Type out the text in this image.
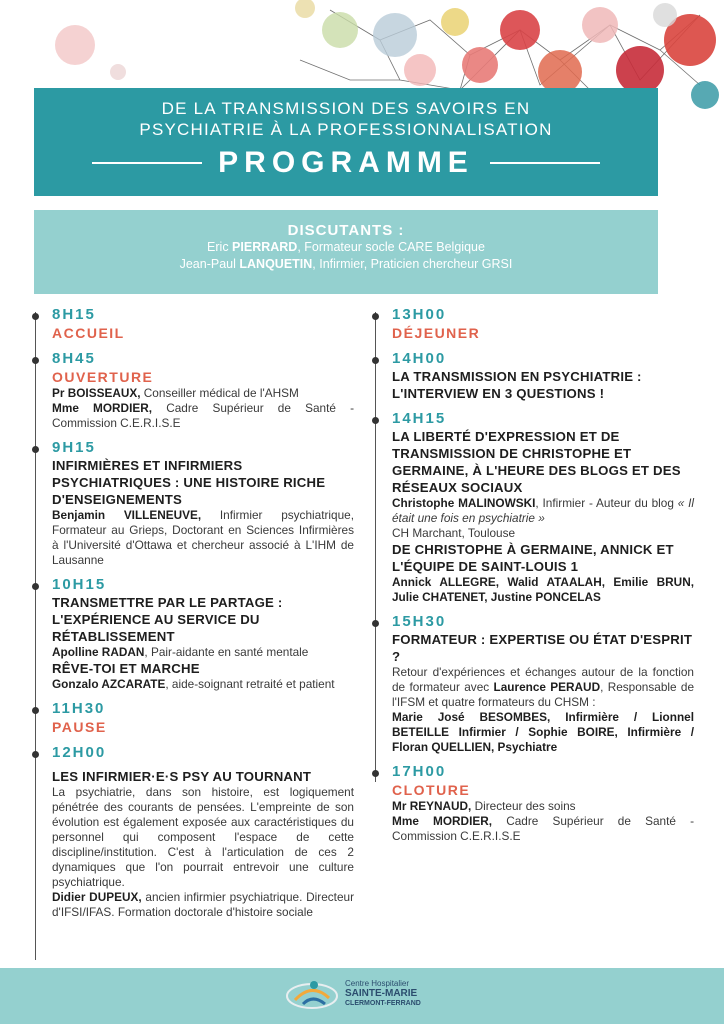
DE LA TRANSMISSION DES SAVOIRS EN
PSYCHIATRIE À LA PROFESSIONNALISATION
PROGRAMME
DISCUTANTS :
Eric PIERRARD, Formateur socle CARE Belgique
Jean-Paul LANQUETIN, Infirmier, Praticien chercheur GRSI
8H15
ACCUEIL
8H45
OUVERTURE
Pr BOISSEAUX, Conseiller médical de l'AHSM
Mme MORDIER, Cadre Supérieur de Santé - Commission C.E.R.I.S.E
9H15
INFIRMIÈRES ET INFIRMIERS PSYCHIATRIQUES : UNE HISTOIRE RICHE D'ENSEIGNEMENTS
Benjamin VILLENEUVE, Infirmier psychiatrique, Formateur au Grieps, Doctorant en Sciences Infirmières à l'Université d'Ottawa et chercheur associé à L'IHM de Lausanne
10H15
TRANSMETTRE PAR LE PARTAGE : L'EXPÉRIENCE AU SERVICE DU RÉTABLISSEMENT
Apolline RADAN, Pair-aidante en santé mentale
RÊVE-TOI ET MARCHE
Gonzalo AZCARATE, aide-soignant retraité et patient
11H30
PAUSE
12H00
LES INFIRMIER·E·S PSY AU TOURNANT
La psychiatrie, dans son histoire, est logiquement pénétrée des courants de pensées. L'empreinte de son évolution est également exposée aux caractéristiques du personnel qui composent l'espace de cette discipline/institution. C'est à l'articulation de ces 2 dynamiques que l'on pourrait entrevoir une culture psychiatrique.
Didier DUPEUX, ancien infirmier psychiatrique. Directeur d'IFSI/IFAS. Formation doctorale d'histoire sociale
13H00
DÉJEUNER
14H00
LA TRANSMISSION EN PSYCHIATRIE : L'INTERVIEW EN 3 QUESTIONS !
14H15
LA LIBERTÉ D'EXPRESSION ET DE TRANSMISSION DE CHRISTOPHE ET GERMAINE, À L'HEURE DES BLOGS ET DES RÉSEAUX SOCIAUX
Christophe MALINOWSKI, Infirmier - Auteur du blog « Il était une fois en psychiatrie »
CH Marchant, Toulouse
DE CHRISTOPHE À GERMAINE, ANNICK ET L'ÉQUIPE DE SAINT-LOUIS 1
Annick ALLEGRE, Walid ATAALAH, Emilie BRUN, Julie CHATENET, Justine PONCELAS
15H30
FORMATEUR : EXPERTISE OU ÉTAT D'ESPRIT ?
Retour d'expériences et échanges autour de la fonction de formateur avec Laurence PERAUD, Responsable de l'IFSM et quatre formateurs du CHSM :
Marie José BESOMBES, Infirmière / Lionnel BETEILLE Infirmier / Sophie BOIRE, Infirmière / Floran QUELLIEN, Psychiatre
17H00
CLOTURE
Mr REYNAUD, Directeur des soins
Mme MORDIER, Cadre Supérieur de Santé - Commission C.E.R.I.S.E
Centre Hospitalier
SAINTE-MARIE
CLERMONT-FERRAND
